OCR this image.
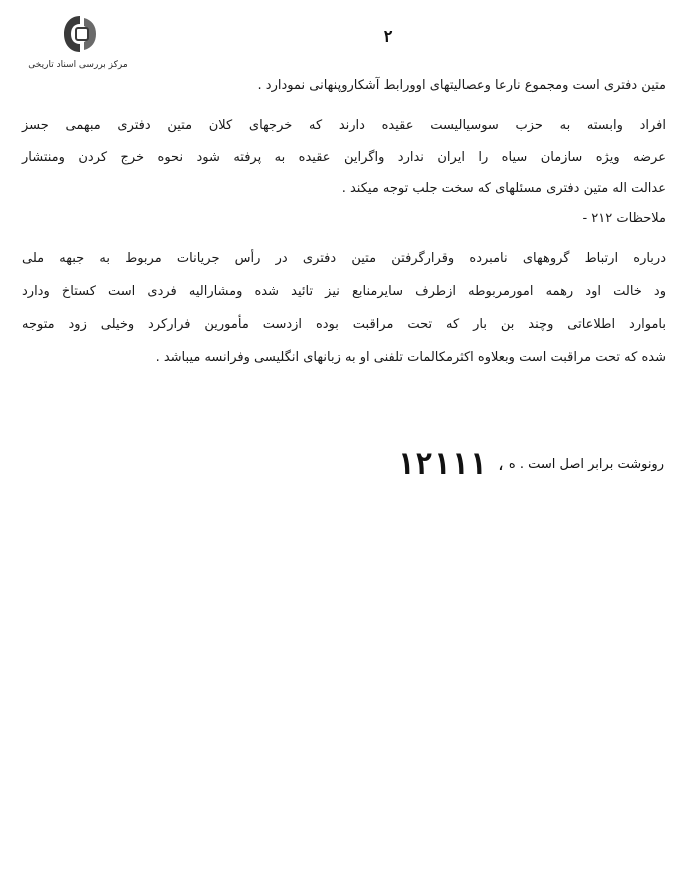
مرکز بررسی اسناد تاریخی
۲
متین دفتری است ومجموع نارعا وعصاليتهاى اوورابط آشكاروپنهانى نمودارد .
افراد وابسته به حزب سوسیالیست عقیده دارند که خرجهای کلان متین دفتری مبهمی جسز
عرضه ویژه سازمان سیاه را ایران ندارد واگراین عقیده به پرفته شود نحوه خرج کردن ومنتشار
عدالت اله متین دفتری مسئلهای که سخت جلب توجه میکند .
ملاحظات ۲۱۲ -
درباره ارتباط گروههای نامبرده وقرارگرفتن متین دفتری در رأس جریانات مربوط به جبهه ملی
ود خالت اود رهمه امورمربوطه ازطرف سایرمنابع نیز تائید شده ومشارالیه فردی است کستاخ ودارد
باموارد اطلاعاتی وچند بن بار که تحت مراقبت بوده ازدست مأمورین فرارکرد وخیلی زود متوجه
شده که تحت مراقبت است وبعلاوه اکثرمکالمات تلفنی او به زبانهای انگلیسی وفرانسه میباشد .
رونوشت برابر اصل است . ه ، ١٢١١١
